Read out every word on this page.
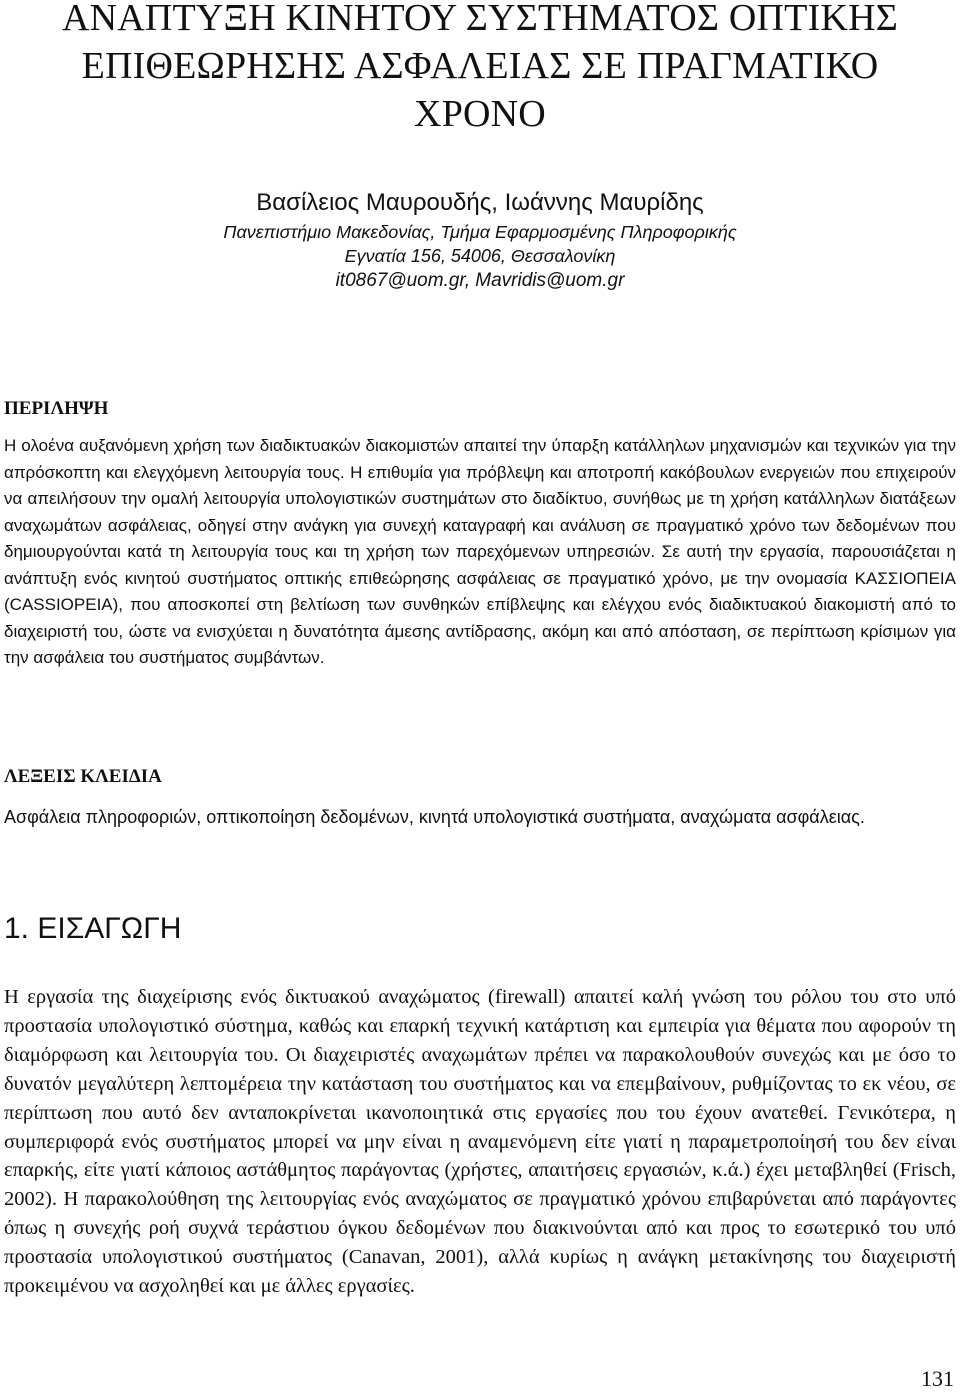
ΑΝΑΠΤΥΞΗ ΚΙΝΗΤΟΥ ΣΥΣΤΗΜΑΤΟΣ ΟΠΤΙΚΗΣ
ΕΠΙΘΕΩΡΗΣΗΣ ΑΣΦΑΛΕΙΑΣ ΣΕ ΠΡΑΓΜΑΤΙΚΟ
ΧΡΟΝΟ
Βασίλειος Μαυρουδής, Ιωάννης Μαυρίδης
Πανεπιστήμιο Μακεδονίας, Τμήμα Εφαρμοσμένης Πληροφορικής
Εγνατία 156, 54006, Θεσσαλονίκη
it0867@uom.gr, Mavridis@uom.gr
ΠΕΡΙΛΗΨΗ

Η ολοένα αυξανόμενη χρήση των διαδικτυακών διακομιστών απαιτεί την ύπαρξη κατάλληλων μηχανισμών και τεχνικών για την απρόσκοπτη και ελεγχόμενη λειτουργία τους. Η επιθυμία για πρόβλεψη και αποτροπή κακόβουλων ενεργειών που επιχειρούν να απειλήσουν την ομαλή λειτουργία υπολογιστικών συστημάτων στο διαδίκτυο, συνήθως με τη χρήση κατάλληλων διατάξεων αναχωμάτων ασφάλειας, οδηγεί στην ανάγκη για συνεχή καταγραφή και ανάλυση σε πραγματικό χρόνο των δεδομένων που δημιουργούνται κατά τη λειτουργία τους και τη χρήση των παρεχόμενων υπηρεσιών. Σε αυτή την εργασία, παρουσιάζεται η ανάπτυξη ενός κινητού συστήματος οπτικής επιθεώρησης ασφάλειας σε πραγματικό χρόνο, με την ονομασία ΚΑΣΣΙΟΠΕΙΑ (CASSIOPEIA), που αποσκοπεί στη βελτίωση των συνθηκών επίβλεψης και ελέγχου ενός διαδικτυακού διακομιστή από το διαχειριστή του, ώστε να ενισχύεται η δυνατότητα άμεσης αντίδρασης, ακόμη και από απόσταση, σε περίπτωση κρίσιμων για την ασφάλεια του συστήματος συμβάντων.

ΛΕΞΕΙΣ ΚΛΕΙΔΙΑ

Ασφάλεια πληροφοριών, οπτικοποίηση δεδομένων, κινητά υπολογιστικά συστήματα, αναχώματα ασφάλειας.

1. ΕΙΣΑΓΩΓΗ

Η εργασία της διαχείρισης ενός δικτυακού αναχώματος (firewall) απαιτεί καλή γνώση του ρόλου του στο υπό προστασία υπολογιστικό σύστημα, καθώς και επαρκή τεχνική κατάρτιση και εμπειρία για θέματα που αφορούν τη διαμόρφωση και λειτουργία του. Οι διαχειριστές αναχωμάτων πρέπει να παρακολουθούν συνεχώς και με όσο το δυνατόν μεγαλύτερη λεπτομέρεια την κατάσταση του συστήματος και να επεμβαίνουν, ρυθμίζοντας το εκ νέου, σε περίπτωση που αυτό δεν ανταποκρίνεται ικανοποιητικά στις εργασίες που του έχουν ανατεθεί. Γενικότερα, η συμπεριφορά ενός συστήματος μπορεί να μην είναι η αναμενόμενη είτε γιατί η παραμετροποίησή του δεν είναι επαρκής, είτε γιατί κάποιος αστάθμητος παράγοντας (χρήστες, απαιτήσεις εργασιών, κ.ά.) έχει μεταβληθεί (Frisch, 2002). Η παρακολούθηση της λειτουργίας ενός αναχώματος σε πραγματικό χρόνου επιβαρύνεται από παράγοντες όπως η συνεχής ροή συχνά τεράστιου όγκου δεδομένων που διακινούνται από και προς το εσωτερικό του υπό προστασία υπολογιστικού συστήματος (Canavan, 2001), αλλά κυρίως η ανάγκη μετακίνησης του διαχειριστή προκειμένου να ασχοληθεί και με άλλες εργασίες.

131
